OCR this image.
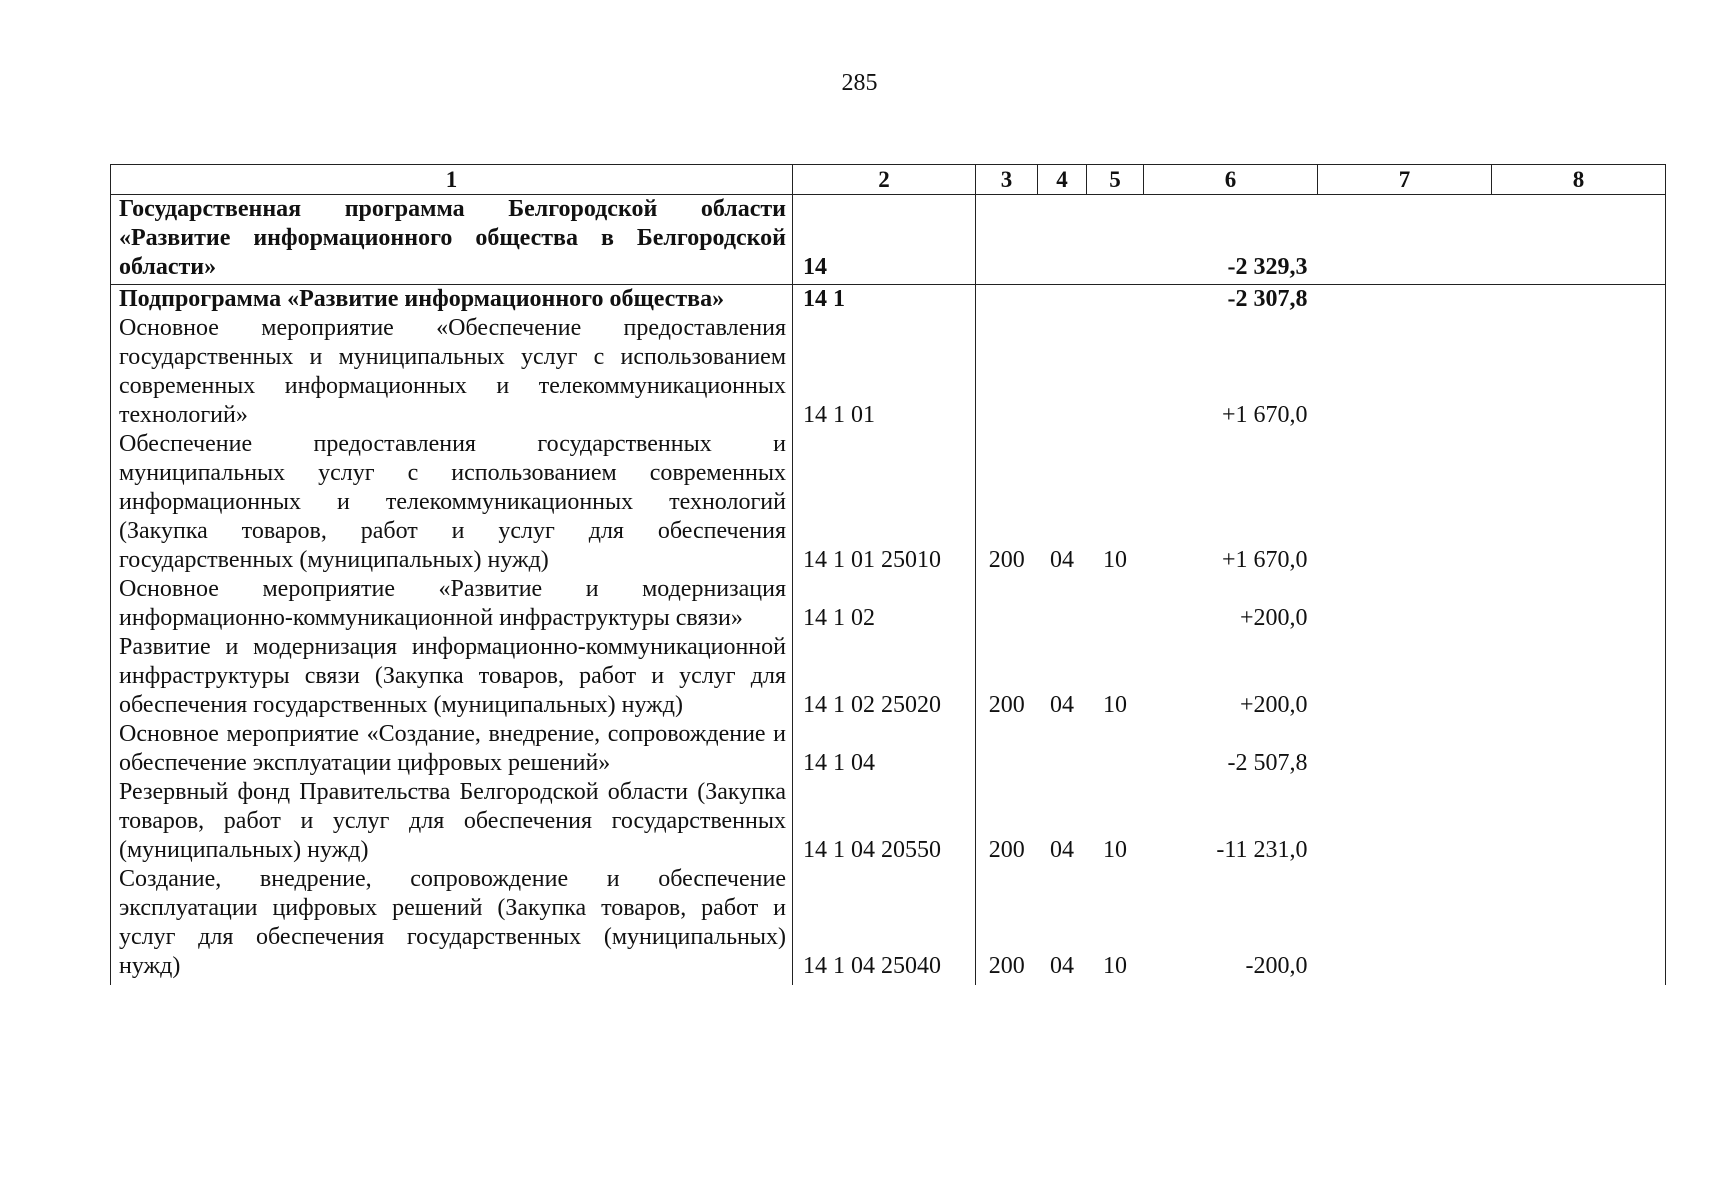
285
1	2	3	4	5	6	7	8
Государственная программа Белгородской области «Развитие информационного общества в Белгородской области»	14				-2 329,3		
Подпрограмма «Развитие информационного общества»	14 1				-2 307,8		
Основное мероприятие «Обеспечение предоставления государственных и муниципальных услуг с использованием современных информационных и телекоммуникационных технологий»	14 1 01				+1 670,0		
Обеспечение предоставления государственных и муниципальных услуг с использованием современных информационных и телекоммуникационных технологий (Закупка товаров, работ и услуг для обеспечения государственных (муниципальных) нужд)	14 1 01 25010	200	04	10	+1 670,0		
Основное мероприятие «Развитие и модернизация информационно-коммуникационной инфраструктуры связи»	14 1 02				+200,0		
Развитие и модернизация информационно-коммуникационной инфраструктуры связи (Закупка товаров, работ и услуг для обеспечения государственных (муниципальных) нужд)	14 1 02 25020	200	04	10	+200,0		
Основное мероприятие «Создание, внедрение, сопровождение и обеспечение эксплуатации цифровых решений»	14 1 04				-2 507,8		
Резервный фонд Правительства Белгородской области (Закупка товаров, работ и услуг для обеспечения государственных (муниципальных) нужд)	14 1 04 20550	200	04	10	-11 231,0		
Создание, внедрение, сопровождение и обеспечение эксплуатации цифровых решений (Закупка товаров, работ и услуг для обеспечения государственных (муниципальных) нужд)	14 1 04 25040	200	04	10	-200,0		
